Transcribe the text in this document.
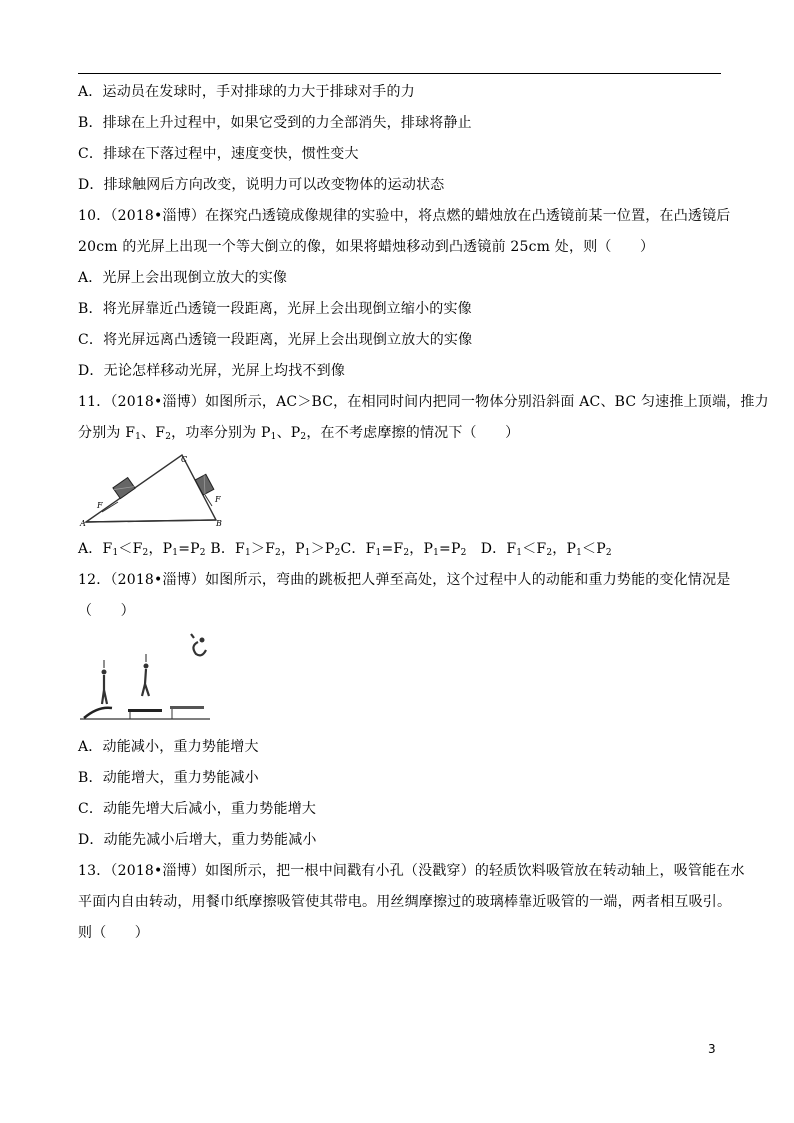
A．运动员在发球时，手对排球的力大于排球对手的力
B．排球在上升过程中，如果它受到的力全部消失，排球将静止
C．排球在下落过程中，速度变快，惯性变大
D．排球触网后方向改变，说明力可以改变物体的运动状态
10．（2018•淄博）在探究凸透镜成像规律的实验中，将点燃的蜡烛放在凸透镜前某一位置，在凸透镜后
20cm 的光屏上出现一个等大倒立的像，如果将蜡烛移动到凸透镜前 25cm 处，则（　　）
A．光屏上会出现倒立放大的实像
B．将光屏靠近凸透镜一段距离，光屏上会出现倒立缩小的实像
C．将光屏远离凸透镜一段距离，光屏上会出现倒立放大的实像
D．无论怎样移动光屏，光屏上均找不到像
11．（2018•淄博）如图所示，AC＞BC，在相同时间内把同一物体分别沿斜面 AC、BC 匀速推上顶端，推力
分别为 $F_1$、$F_2$，功率分别为 $P_1$、$P_2$，在不考虑摩擦的情况下（　　）
A	B
C
F
F
A．$F_1<F_2$，$P_1=P_2$ B．$F_1>F_2$，$P_1>P_2C$．$F_1=F_2$，$P_1=P_2$　D．$F_1<F_2$，$P_1<P_2$
12．（2018•淄博）如图所示，弯曲的跳板把人弹至高处，这个过程中人的动能和重力势能的变化情况是
（　　）
A．动能减小，重力势能增大
B．动能增大，重力势能减小
C．动能先增大后减小，重力势能增大
D．动能先减小后增大，重力势能减小
13．（2018•淄博）如图所示，把一根中间戳有小孔（没戳穿）的轻质饮料吸管放在转动轴上，吸管能在水
平面内自由转动，用餐巾纸摩擦吸管使其带电。用丝绸摩擦过的玻璃棒靠近吸管的一端，两者相互吸引。
则（　　）
3
